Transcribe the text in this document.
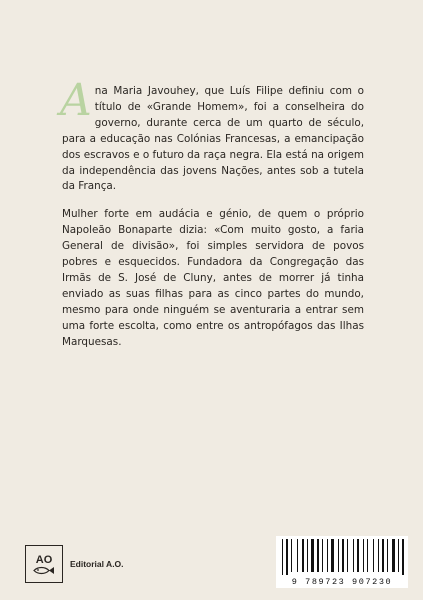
Ana Maria Javouhey, que Luís Filipe definiu com o título de «Grande Homem», foi a conselheira do governo, durante cerca de um quarto de século, para a educação nas Colónias Francesas, a emancipação dos escravos e o futuro da raça negra. Ela está na origem da independência das jovens Nações, antes sob a tutela da França.

Mulher forte em audácia e génio, de quem o próprio Napoleão Bonaparte dizia: «Com muito gosto, a faria General de divisão», foi simples servidora de povos pobres e esquecidos. Fundadora da Congregação das Irmãs de S. José de Cluny, antes de morrer já tinha enviado as suas filhas para as cinco partes do mundo, mesmo para onde ninguém se aventuraria a entrar sem uma forte escolta, como entre os antropófagos das Ilhas Marquesas.

AO Editorial A.O.
9 789723 907230
